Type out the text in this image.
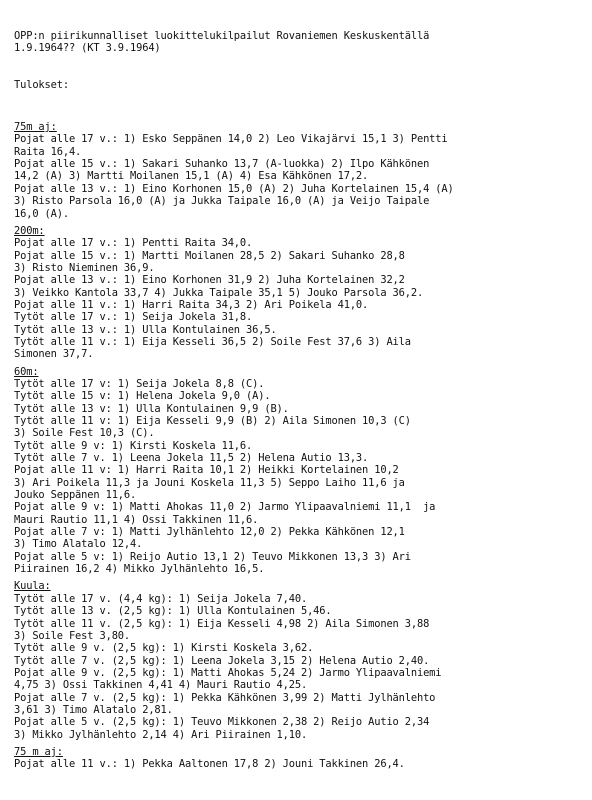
OPP:n piirikunnalliset luokittelukilpailut Rovaniemen Keskuskentällä
1.9.1964?? (KT 3.9.1964)

Tulokset:

75m aj:
Pojat alle 17 v.: 1) Esko Seppänen 14,0 2) Leo Vikajärvi 15,1 3) Pentti
Raita 16,4.
Pojat alle 15 v.: 1) Sakari Suhanko 13,7 (A-luokka) 2) Ilpo Kähkönen
14,2 (A) 3) Martti Moilanen 15,1 (A) 4) Esa Kähkönen 17,2.
Pojat alle 13 v.: 1) Eino Korhonen 15,0 (A) 2) Juha Kortelainen 15,4 (A)
3) Risto Parsola 16,0 (A) ja Jukka Taipale 16,0 (A) ja Veijo Taipale
16,0 (A).
200m:
Pojat alle 17 v.: 1) Pentti Raita 34,0.
Pojat alle 15 v.: 1) Martti Moilanen 28,5 2) Sakari Suhanko 28,8
3) Risto Nieminen 36,9.
Pojat alle 13 v.: 1) Eino Korhonen 31,9 2) Juha Kortelainen 32,2
3) Veikko Kantola 33,7 4) Jukka Taipale 35,1 5) Jouko Parsola 36,2.
Pojat alle 11 v.: 1) Harri Raita 34,3 2) Ari Poikela 41,0.
Tytöt alle 17 v.: 1) Seija Jokela 31,8.
Tytöt alle 13 v.: 1) Ulla Kontulainen 36,5.
Tytöt alle 11 v.: 1) Eija Kesseli 36,5 2) Soile Fest 37,6 3) Aila
Simonen 37,7.
60m:
Tytöt alle 17 v: 1) Seija Jokela 8,8 (C).
Tytöt alle 15 v: 1) Helena Jokela 9,0 (A).
Tytöt alle 13 v: 1) Ulla Kontulainen 9,9 (B).
Tytöt alle 11 v: 1) Eija Kesseli 9,9 (B) 2) Aila Simonen 10,3 (C)
3) Soile Fest 10,3 (C).
Tytöt alle 9 v: 1) Kirsti Koskela 11,6.
Tytöt alle 7 v. 1) Leena Jokela 11,5 2) Helena Autio 13,3.
Pojat alle 11 v: 1) Harri Raita 10,1 2) Heikki Kortelainen 10,2
3) Ari Poikela 11,3 ja Jouni Koskela 11,3 5) Seppo Laiho 11,6 ja
Jouko Seppänen 11,6.
Pojat alle 9 v: 1) Matti Ahokas 11,0 2) Jarmo Ylipaavalniemi 11,1  ja
Mauri Rautio 11,1 4) Ossi Takkinen 11,6.
Pojat alle 7 v: 1) Matti Jylhänlehto 12,0 2) Pekka Kähkönen 12,1
3) Timo Alatalo 12,4.
Pojat alle 5 v: 1) Reijo Autio 13,1 2) Teuvo Mikkonen 13,3 3) Ari
Piirainen 16,2 4) Mikko Jylhänlehto 16,5.
Kuula:
Tytöt alle 17 v. (4,4 kg): 1) Seija Jokela 7,40.
Tytöt alle 13 v. (2,5 kg): 1) Ulla Kontulainen 5,46.
Tytöt alle 11 v. (2,5 kg): 1) Eija Kesseli 4,98 2) Aila Simonen 3,88
3) Soile Fest 3,80.
Tytöt alle 9 v. (2,5 kg): 1) Kirsti Koskela 3,62.
Tytöt alle 7 v. (2,5 kg): 1) Leena Jokela 3,15 2) Helena Autio 2,40.
Pojat alle 9 v. (2,5 kg): 1) Matti Ahokas 5,24 2) Jarmo Ylipaavalniemi
4,75 3) Ossi Takkinen 4,41 4) Mauri Rautio 4,25.
Pojat alle 7 v. (2,5 kg): 1) Pekka Kähkönen 3,99 2) Matti Jylhänlehto
3,61 3) Timo Alatalo 2,81.
Pojat alle 5 v. (2,5 kg): 1) Teuvo Mikkonen 2,38 2) Reijo Autio 2,34
3) Mikko Jylhänlehto 2,14 4) Ari Piirainen 1,10.
75 m aj:
Pojat alle 11 v.: 1) Pekka Aaltonen 17,8 2) Jouni Takkinen 26,4.
